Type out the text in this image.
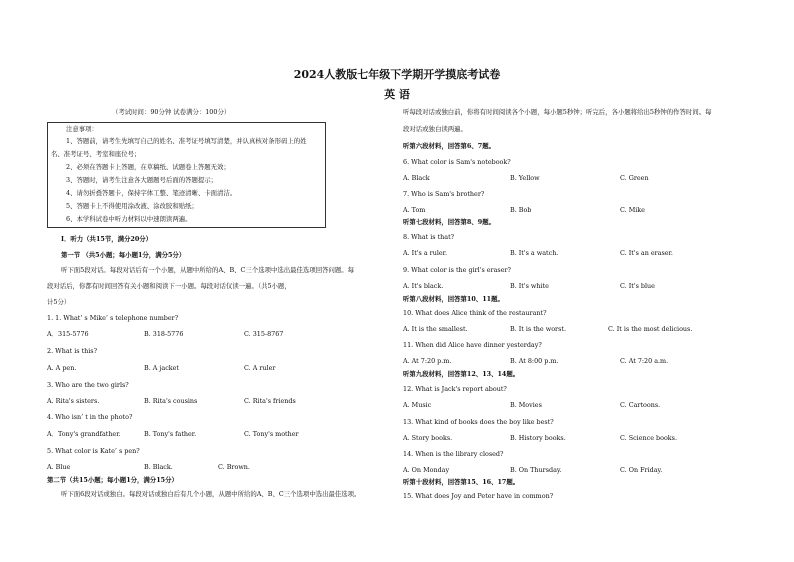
2024人教版七年级下学期开学摸底考试卷
英 语
（考试时间：90分钟 试卷满分：100分）
注意事项：
1、答题前，请考生先填写自己的姓名、准考证号填写清楚，并认真核对条形码上的姓
名、准考证号、考室和座位号；
2、必须在答题卡上答题，在草稿纸、试题卷上答题无效；
3、答题时，请考生注意各大题题号后面的答题提示；
4、请勿折叠答题卡，保持字体工整、笔迹清晰、卡面清洁。
5、答题卡上不得使用涂改液、涂改胶和贴纸；
6、本学科试卷中听力材料以中速朗读两遍。
I．听力（共15节，满分20分）
第一节 （共5小题；每小题1分，满分5分）
听下面5段对话。每段对话后有一个小题，从题中所给的A、B、C三个选项中选出最佳选项回答问题。每
段对话后，你都有时间回答有关小题和阅读下一小题。每段对话仅读一遍。（共5小题，
计5分）
1. 1. What’ s Mike’ s telephone number?
A．315-5776	B. 318-5776	C. 315-8767
2. What is this?
A. A pen.	B. A jacket	C. A ruler
3. Who are the two girls?
A. Rita's sisters.	B. Rita's cousins	C. Rita's friends
4. Who isn’ t in the photo?
A．Tony's grandfather.	B. Tony's father.	C. Tony's mother
5. What color is Kate’ s pen?
A. Blue	B. Black.	C. Brown.
第二节（共15小题；每小题1分，满分15分）
听下面6段对话或独白。每段对话或独白后有几个小题，从题中所给的A、B、C三个选项中选出最佳选项。
听每段对话或独白前，你将有时间阅读各个小题，每小题5秒钟；听完后，各小题将给出5秒钟的作答时间。每
段对话或独白读两遍。
听第六段材料，回答第6、7题。
6. What color is Sam's notebook?
A. Black	B. Yellow	C. Green
7. Who is Sam's brother?
A. Tom	B. Bob	C. Mike
听第七段材料，回答第8、9题。
8. What is that?
A. It's a ruler.	B. It's a watch.	C. It's an eraser.
9. What color is the girl's eraser?
A. It's black.	B. It's white	C. It's blue
听第八段材料，回答第10、11题。
10. What does Alice think of the restaurant?
A. It is the smallest.	B. It is the worst.	C. It is the most delicious.
11. When did Alice have dinner yesterday?
A. At 7:20 p.m.	B. At 8:00 p.m.	C. At 7:20 a.m.
听第九段材料，回答第12、13、14题。
12. What is Jack's report about?
A. Music	B. Movies	C. Cartoons.
13. What kind of books does the boy like best?
A. Story books.	B. History books.	C. Science books.
14. When is the library closed?
A. On Monday	B. On Thursday.	C. On Friday.
听第十段材料，回答第15、16、17题。
15. What does Joy and Peter have in common?
